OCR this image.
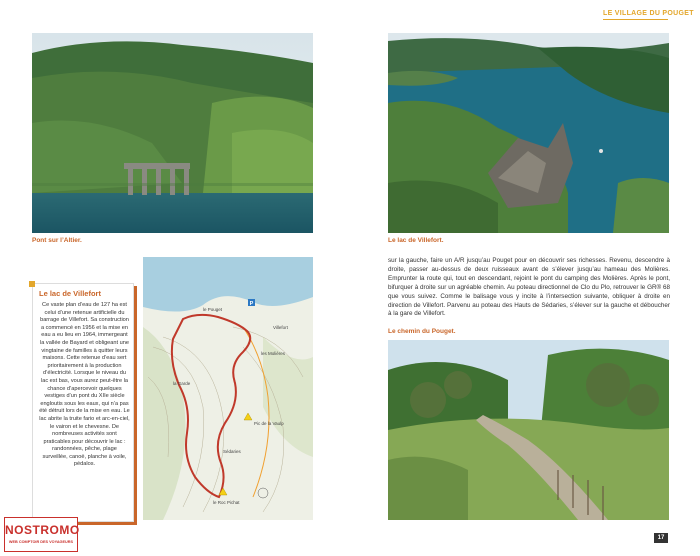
LE VILLAGE DU POUGET
Pont sur l’Altier.	Le lac de Villefort.
Le lac de Villefort
Ce vaste plan d’eau de 127 ha est celui d’une retenue artificielle du barrage de Villefort. Sa construction a commencé en 1956 et la mise en eau a eu lieu en 1964, immergeant la vallée de Bayard et obligeant une vingtaine de familles à quitter leurs maisons. Cette retenue d’eau sert prioritairement à la production d’électricité. Lorsque le niveau du lac est bas, vous aurez peut-être la chance d’apercevoir quelques vestiges d’un pont du XIIe siècle engloutis sous les eaux, qui n’a pas été détruit lors de la mise en eau. Le lac abrite la truite fario et arc-en-ciel, le vairon et le chevesne. De nombreuses activités sont praticables pour découvrir le lac : randonnées, pêche, plage surveillée, canoë, planche à voile, pédalos.
P
Pic de la Vaulp
le Roc Pichat
la Garde
Sédaries
le Pouget
les Molières
Villefort
sur la gauche, faire un A/R jusqu’au Pouget pour en découvrir ses richesses. Revenu, descendre à droite, passer au-dessus de deux ruisseaux avant de s’élever jusqu’au hameau des Molières. Emprunter la route qui, tout en descendant, rejoint le pont du camping des Molières. Après le pont, bifurquer à droite sur un agréable chemin. Au poteau directionnel de Clo du Plo, retrouver le GR® 68 que vous suivez. Comme le balisage vous y incite à l’intersection suivante, obliquer à droite en direction de Villefort. Parvenu au poteau des Hauts de Sédaries, s’élever sur la gauche et déboucher à la gare de Villefort.
Le chemin du Pouget.
17
NOSTROMO
WEB COMPTOIR DES VOYAGEURS
